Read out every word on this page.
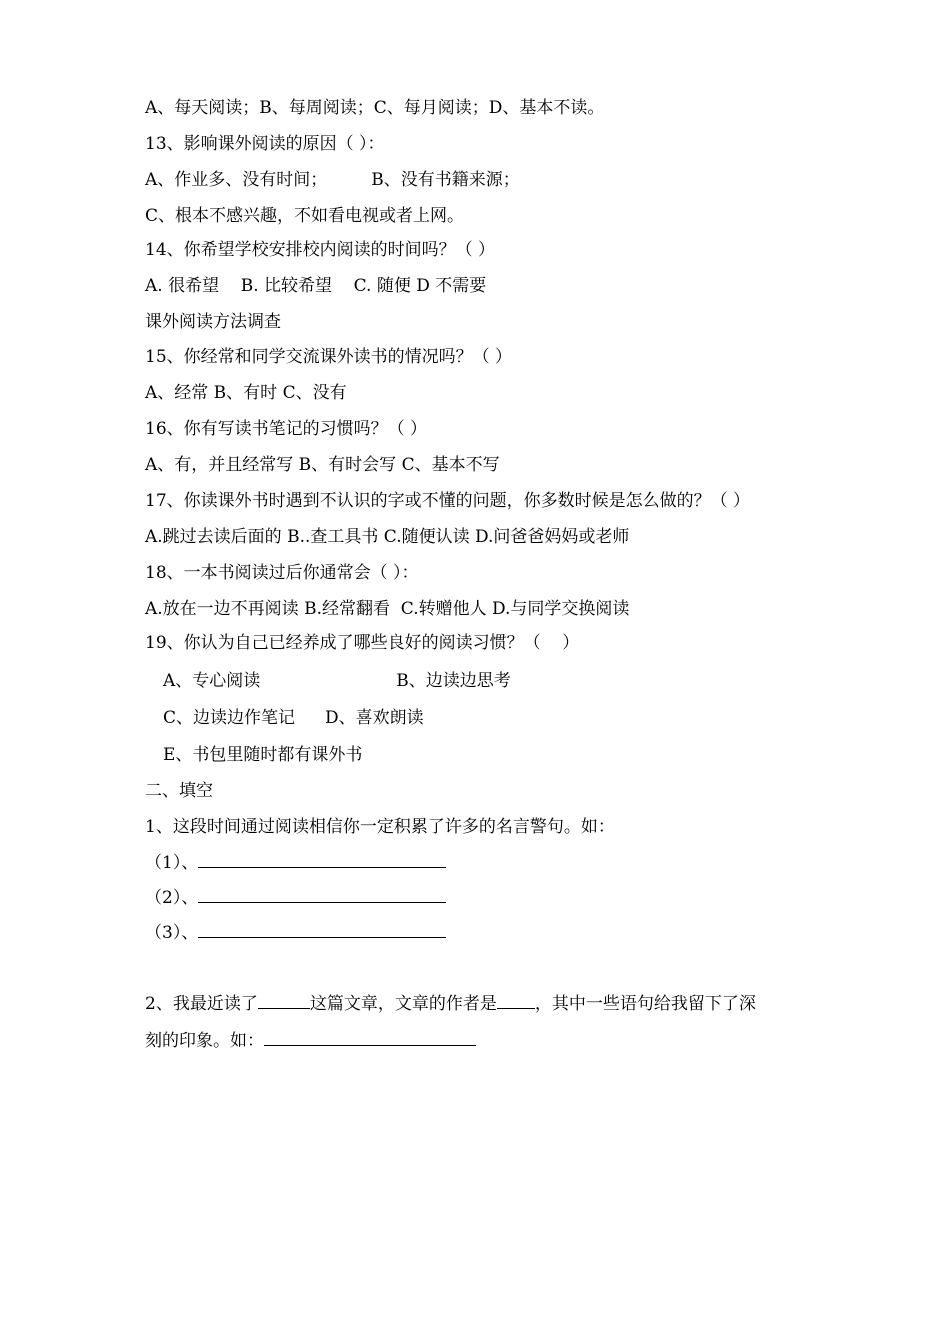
A、每天阅读；B、每周阅读；C、每月阅读；D、基本不读。
13、影响课外阅读的原因（ ）：
A、作业多、没有时间；	B、没有书籍来源；
C、根本不感兴趣，不如看电视或者上网。
14、你希望学校安排校内阅读的时间吗？（ ）
A. 很希望    B. 比较希望    C. 随便 D 不需要
课外阅读方法调查
15、你经常和同学交流课外读书的情况吗？（ ）
A、经常 B、有时 C、没有
16、你有写读书笔记的习惯吗？（ ）
A、有，并且经常写 B、有时会写 C、基本不写
17、你读课外书时遇到不认识的字或不懂的问题，你多数时候是怎么做的？（ ）
A.跳过去读后面的 B..查工具书 C.随便认读 D.问爸爸妈妈或老师
18、一本书阅读过后你通常会（ ）：
A.放在一边不再阅读 B.经常翻看  C.转赠他人 D.与同学交换阅读
19、你认为自己已经养成了哪些良好的阅读习惯？（    ）
A、专心阅读	B、边读边思考
C、边读边作笔记 D、喜欢朗读
E、书包里随时都有课外书
二、填空
1、这段时间通过阅读相信你一定积累了许多的名言警句。如：
（1）、
（2）、
（3）、
2、我最近读了	这篇文章，文章的作者是 ，其中一些语句给我留下了深
刻的印象。如：
